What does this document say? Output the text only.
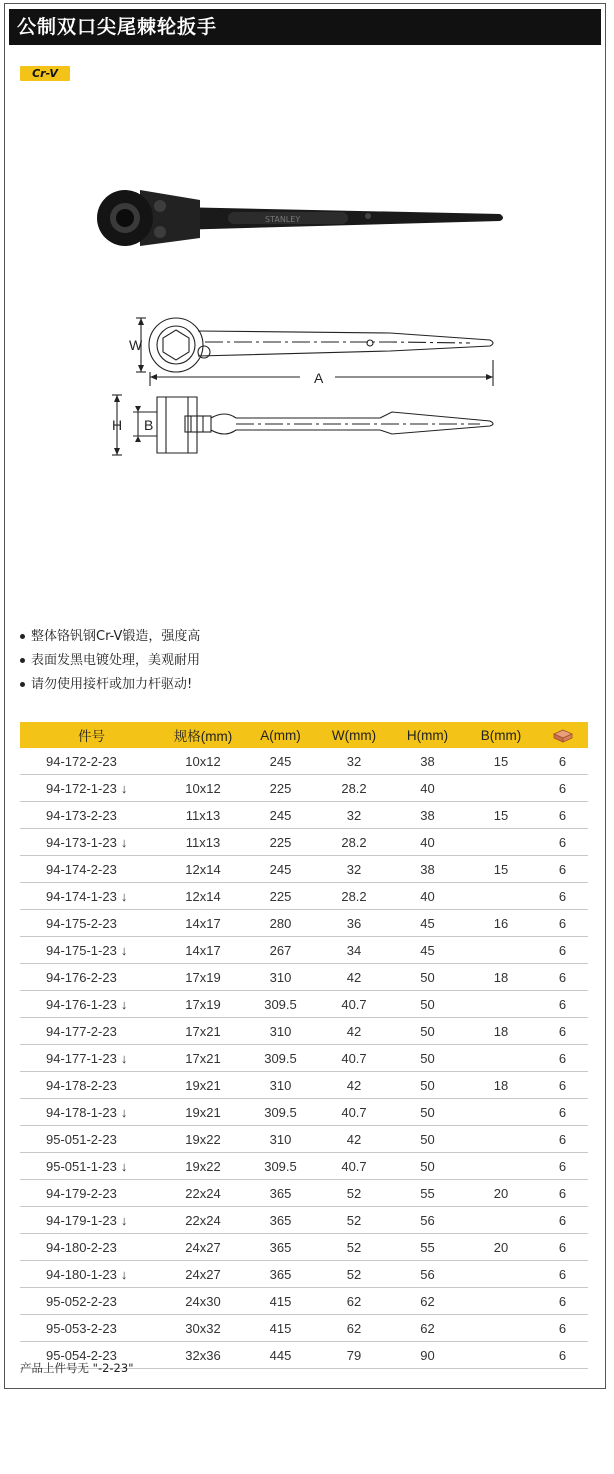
公制双口尖尾棘轮扳手
Cr-V
STANLEY
W
A
H B
整体铬钒钢Cr-V锻造，强度高
表面发黑电镀处理，美观耐用
请勿使用接杆或加力杆驱动!
件号	规格(mm)	A(mm)	W(mm)	H(mm)	B(mm)	
94-172-2-23	10x12	245	32	38	15	6
94-172-1-23 ↓	10x12	225	28.2	40		6
94-173-2-23	11x13	245	32	38	15	6
94-173-1-23 ↓	11x13	225	28.2	40		6
94-174-2-23	12x14	245	32	38	15	6
94-174-1-23 ↓	12x14	225	28.2	40		6
94-175-2-23	14x17	280	36	45	16	6
94-175-1-23 ↓	14x17	267	34	45		6
94-176-2-23	17x19	310	42	50	18	6
94-176-1-23 ↓	17x19	309.5	40.7	50		6
94-177-2-23	17x21	310	42	50	18	6
94-177-1-23 ↓	17x21	309.5	40.7	50		6
94-178-2-23	19x21	310	42	50	18	6
94-178-1-23 ↓	19x21	309.5	40.7	50		6
95-051-2-23	19x22	310	42	50		6
95-051-1-23 ↓	19x22	309.5	40.7	50		6
94-179-2-23	22x24	365	52	55	20	6
94-179-1-23 ↓	22x24	365	52	56		6
94-180-2-23	24x27	365	52	55	20	6
94-180-1-23 ↓	24x27	365	52	56		6
95-052-2-23	24x30	415	62	62		6
95-053-2-23	30x32	415	62	62		6
95-054-2-23	32x36	445	79	90		6
产品上件号无 "-2-23"
